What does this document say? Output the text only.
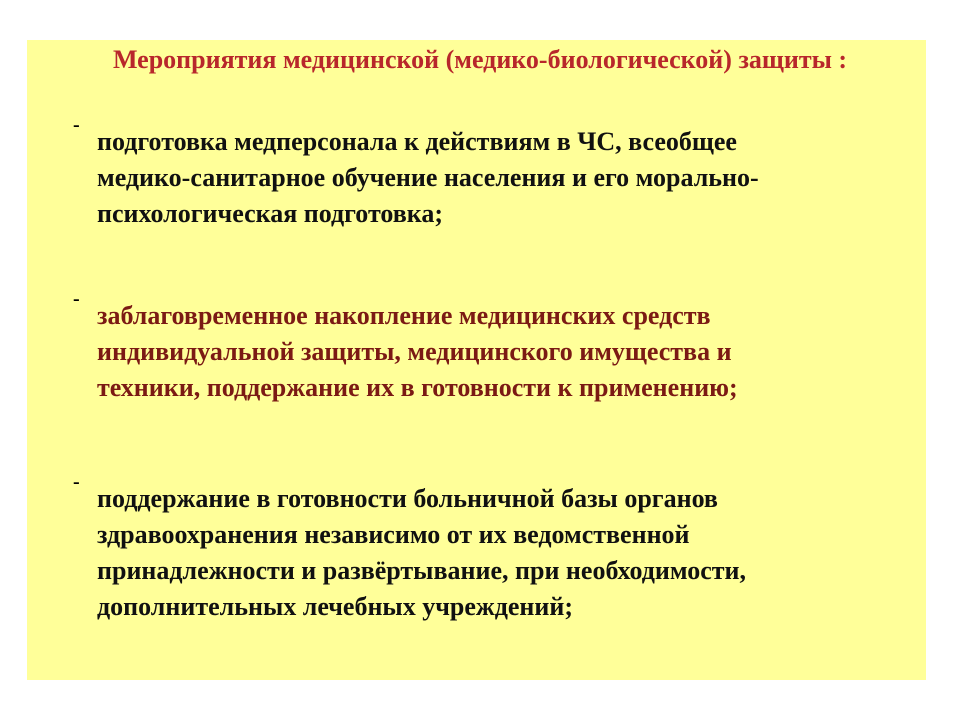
Мероприятия медицинской (медико-биологической) защиты :
-
подготовка медперсонала к действиям в ЧС, всеобщее
медико-санитарное обучение населения и его морально-
психологическая подготовка;
-
заблаговременное накопление медицинских средств
индивидуальной защиты, медицинского имущества и
техники, поддержание их в готовности к применению;
-
поддержание в готовности больничной базы органов
здравоохранения независимо от их ведомственной
принадлежности и развёртывание, при необходимости,
дополнительных лечебных учреждений;
